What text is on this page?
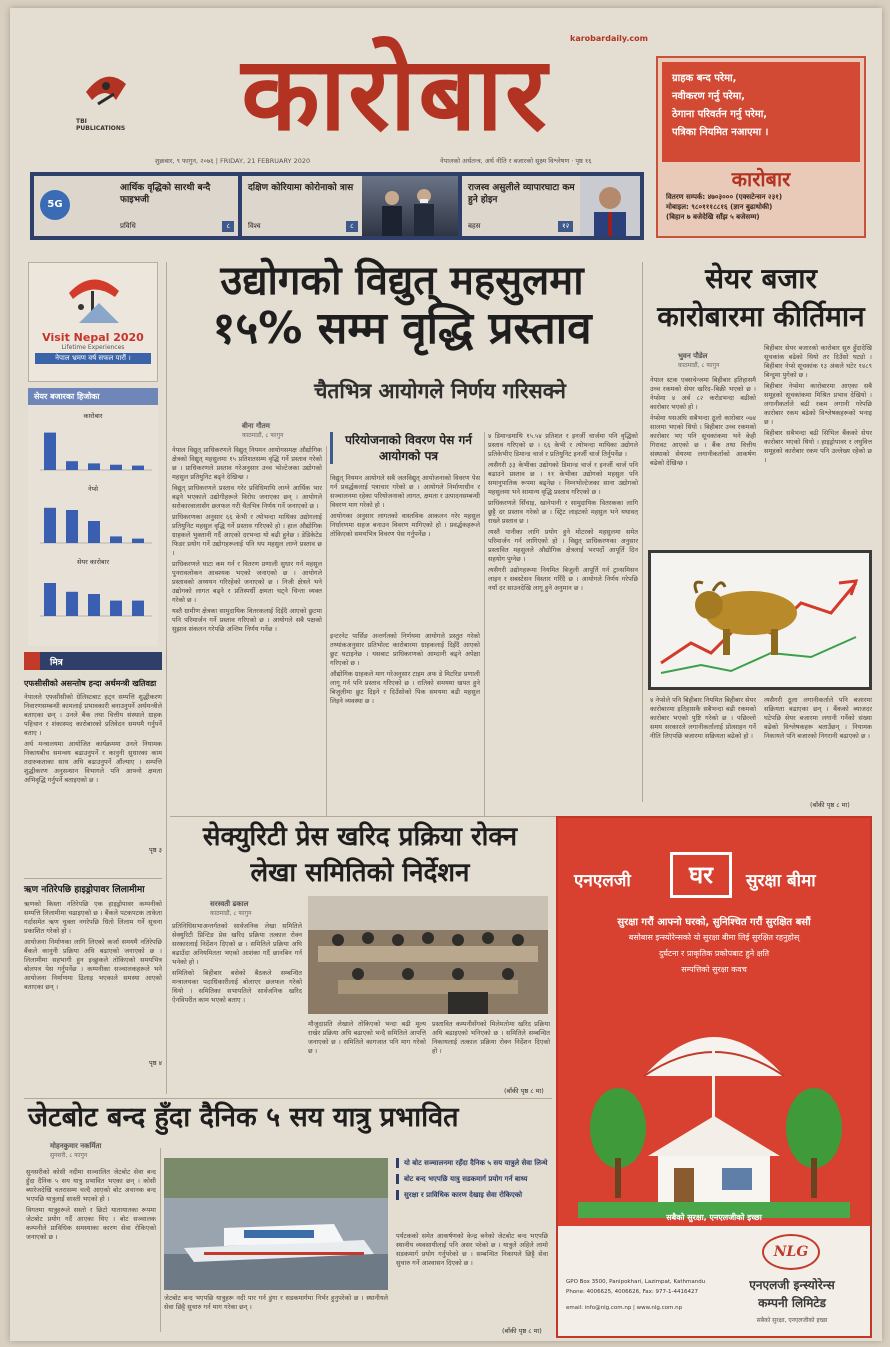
TBI PUBLICATIONS	कारोबार	karobardaily.com
शुक्रबार, ९ फागुन, २०७६ | FRIDAY, 21 FEBRUARY 2020	नेपालको अर्थतन्त्र, अर्थ नीति र बजारको सूक्ष्म विश्लेषण · पृष्ठ १६
ग्राहक बन्द परेमा,
नवीकरण गर्नु परेमा,
ठेगाना परिवर्तन गर्नु परेमा,
पत्रिका नियमित नआएमा ।
कारोबार
वितरण सम्पर्क: ४७०३००० (एक्सटेन्सन २३१)
मोबाइल: ९८०१११८८१६ (ज्ञान बुढाथोकी)
(बिहान ७ बजेदेखि साँझ ५ बजेसम्म)
5G
आर्थिक वृद्धिको सारथी बन्दै फाइभजी
प्रविधि	८
दक्षिण कोरियामा कोरोनाको त्रास
विश्व	८
राजस्व असुलीले व्यापारघाटा कम हुने होइन
बहस	१२
Visit Nepal 2020
Lifetime Experiences
नेपाल भ्रमण वर्ष सफल पारौं ।
सेयर बजारका हिजोका
कारोबार
नेप्से
सेयर कारोबार
मित्र
एफसीसीको असन्तोष हन्दा अर्थमन्त्री खतिवडा

नेपालले एफसीसीको ग्रेलिस्टबाट हट्न सम्पत्ति शुद्धीकरण निवारणसम्बन्धी कामलाई प्रभावकारी बनाउनुपर्ने अर्थमन्त्रीले बताएका छन् । उनले बैंक तथा वित्तीय संस्थाले ग्राहक पहिचान र शंकास्पद कारोबारको प्रतिवेदन समयमै गर्नुपर्ने बताए ।

अर्थ मन्त्रालयमा आयोजित कार्यक्रममा उनले नियामक निकायबीच समन्वय बढाउनुपर्ने र कानुनी सुधारका काम तदारुकताका साथ अघि बढाउनुपर्ने औंल्याए । सम्पत्ति शुद्धीकरण अनुसन्धान विभागले पनि आफ्नो क्षमता अभिवृद्धि गर्नुपर्ने बताइएको छ ।

पृष्ठ ३
ऋण नतिरेपछि हाइड्रोपावर लिलामीमा

ऋणको किस्ता नतिरेपछि एक हाइड्रोपावर कम्पनीको सम्पत्ति लिलामीमा चढाइएको छ । बैंकले पटकपटक ताकेता गर्दासमेत ऋण चुक्ता नगरेपछि धितो लिलाम गर्ने सूचना प्रकाशित गरेको हो ।

आयोजना निर्माणका लागि लिएको कर्जा समयमै नतिरेपछि बैंकले कानुनी प्रक्रिया अघि बढाएको जनाएको छ । लिलामीमा सहभागी हुन इच्छुकले तोकिएको समयभित्र बोलपत्र पेस गर्नुपर्नेछ । कम्पनीका सञ्चालकहरूले भने आयोजना निर्माणमा ढिलाइ भएकाले समस्या आएको बताएका छन् ।

पृष्ठ ४
उद्योगको विद्युत् महसुलमा
१५% सम्म वृद्धि प्रस्ताव
चैतभित्र आयोगले निर्णय गरिसक्ने
बीना गौतम
काठमाडौं, ८ फागुन

नेपाल विद्युत् प्राधिकरणले विद्युत् नियमन आयोगसमक्ष औद्योगिक क्षेत्रको विद्युत् महसुलमा १५ प्रतिशतसम्म वृद्धि गर्ने प्रस्ताव गरेको छ । प्राधिकरणले प्रस्ताव गरेअनुसार उच्च भोल्टेजका उद्योगको महसुल प्रतियुनिट बढ्ने देखिन्छ ।

विद्युत् प्राधिकरणले प्रस्ताव गरेर प्रविधिमाथि लाग्ने आर्थिक भार बढ्ने भएकाले उद्योगीहरूले विरोध जनाएका छन् । आयोगले सरोकारवालासँग छलफल गरी चैतभित्र निर्णय गर्ने जनाएको छ ।

प्राधिकरणका अनुसार ६६ केभी र त्योभन्दा माथिका उद्योगलाई प्रतियुनिट महसुल वृद्धि गर्ने प्रस्ताव गरिएको हो । हाल औद्योगिक ग्राहकले भुक्तानी गर्दै आएको दरभन्दा यो बढी हुनेछ । डेडिकेटेड फिडर प्रयोग गर्ने उद्योगहरूलाई पनि थप महसुल लाग्ने प्रस्ताव छ ।

प्राधिकरणले घाटा कम गर्न र वितरण प्रणाली सुधार गर्न महसुल पुनरावलोकन आवश्यक भएको जनाएको छ । आयोगले प्रस्तावको अध्ययन गरिरहेको जनाएको छ । निजी क्षेत्रले भने उद्योगको लागत बढ्ने र प्रतिस्पर्धी क्षमता घट्ने चिन्ता व्यक्त गरेको छ ।

यस्तै ग्रामीण क्षेत्रका सामुदायिक वितरकलाई दिइँदै आएको छुटमा पनि परिमार्जन गर्ने प्रस्ताव गरिएको छ । आयोगले सबै पक्षको सुझाव संकलन गरेपछि अन्तिम निर्णय गर्नेछ ।

परियोजनाको विवरण पेस गर्न आयोगको पत्र

विद्युत् नियमन आयोगले सबै जलविद्युत् आयोजनाको विवरण पेस गर्न प्रवर्द्धकलाई पत्राचार गरेको छ । आयोगले निर्माणाधीन र सञ्चालनमा रहेका परियोजनाको लागत, क्षमता र उत्पादनसम्बन्धी विवरण माग गरेको हो ।

आयोगका अनुसार लागतको वास्तविक आकलन गरेर महसुल निर्धारणमा सहज बनाउन विवरण मागिएको हो । प्रवर्द्धकहरूले तोकिएको समयभित्र विवरण पेस गर्नुपर्नेछ ।

इन्टरनेट पार्सिङ अन्तर्गतको निर्णयमा आयोगले प्रस्तुत गरेको तथ्यांकअनुसार प्रतिभोल्ट कारोबारमा ग्राहकलाई दिइँदै आएको छुट घटाइनेछ । यसबाट प्राधिकरणको आम्दानी बढ्ने अपेक्षा गरिएको छ ।

औद्योगिक ग्राहकले माग गरेअनुसार टाइम अफ डे मिटरिङ प्रणाली लागू गर्न पनि प्रस्ताव गरिएको छ । रातिको समयमा खपत हुने बिजुलीमा छुट दिइने र दिउँसोको पिक समयमा बढी महसुल लिइने व्यवस्था छ ।

४ डिमान्डमाथि १५.५४ प्रतिशत र इनर्जी चार्जमा पनि वृद्धिको प्रस्ताव गरिएको छ । ६६ केभी र त्योभन्दा माथिका उद्योगले प्रतिकेभीए डिमान्ड चार्ज र प्रतियुनिट इनर्जी चार्ज तिर्नुपर्नेछ ।

त्यसैगरी ३३ केभीका उद्योगको डिमान्ड चार्ज र इनर्जी चार्ज पनि बढाउने प्रस्ताव छ । ११ केभीका उद्योगको महसुल पनि समानुपातिक रूपमा बढ्नेछ । निम्नभोल्टेजका साना उद्योगको महसुलमा भने सामान्य वृद्धि प्रस्ताव गरिएको छ ।

प्राधिकरणले सिँचाइ, खानेपानी र सामुदायिक वितरकका लागि छुट्टै दर प्रस्ताव गरेको छ । स्ट्रिट लाइटको महसुल भने यथावत् राख्ने प्रस्ताव छ ।

त्यस्तै पानीका लागि प्रयोग हुने मोटरको महसुलमा समेत परिमार्जन गर्न लागिएको हो । विद्युत् प्राधिकरणका अनुसार प्रस्तावित महसुलले औद्योगिक क्षेत्रलाई भरपर्दो आपूर्ति दिन सहयोग पुग्नेछ ।

त्यसैगरी उद्योगहरूमा नियमित बिजुली आपूर्ति गर्न ट्रान्समिसन लाइन र सबस्टेसन विस्तार गरिँदै छ । आयोगले निर्णय गरेपछि नयाँ दर साउनदेखि लागू हुने अनुमान छ ।

सेयर बजार
कारोबारमा कीर्तिमान
भुवन पौडेल
काठमाडौं, ८ फागुन

नेपाल स्टक एक्सचेन्जमा बिहीबार इतिहासमै उच्च रकमको सेयर खरिद–बिक्री भएको छ । नेप्सेमा ४ अर्ब ८२ करोडभन्दा बढीको कारोबार भएको हो ।

नेप्सेमा यसअघि सबैभन्दा ठूलो कारोबार ०७४ सालमा भएको थियो । बिहीबार उच्च रकमको कारोबार भए पनि सूचकांकमा भने केही गिरावट आएको छ । बैंक तथा वित्तीय संस्थाको सेयरमा लगानीकर्ताको आकर्षण बढेको देखिन्छ ।

बिहीबार सेयर बजारको कारोबार सुरु हुँदादेखि सूचकांक बढेको थियो तर दिउँसो घट्यो । बिहीबार नेप्से सूचकांक १३ अंकले घटेर १४८९ बिन्दुमा पुगेको छ ।

बिहीबार नेप्सेमा कारोबारमा आएका सबै समूहको सूचकांकमा मिश्रित प्रभाव देखियो । लगानीकर्ताले बढी रकम लगानी गरेपछि कारोबार रकम बढेको विश्लेषकहरूको भनाइ छ ।

बिहीबार सबैभन्दा बढी सिभिल बैंकको सेयर कारोबार भएको थियो । हाइड्रोपावर र लघुवित्त समूहको कारोबार रकम पनि उल्लेख्य रहेको छ ।

४ नेप्सेले पनि बिहीबार नियमित बिहीबार सेयर कारोबारमा इतिहासकै सबैभन्दा बढी रकमको कारोबार भएको पुष्टि गरेको छ । पछिल्लो समय सरकारले लगानीकर्तालाई प्रोत्साहन गर्ने नीति लिएपछि बजारमा सक्रियता बढेको हो ।

त्यसैगरी ठूला लगानीकर्ताले पनि बजारमा सक्रियता बढाएका छन् । बैंकको ब्याजदर घटेपछि सेयर बजारमा लगानी गर्नेको संख्या बढेको विश्लेषकहरू बताउँछन् । नियामक निकायले पनि बजारको निगरानी बढाएको छ ।

(बाँकी पृष्ठ ८ मा)
सेक्युरिटी प्रेस खरिद प्रक्रिया रोक्न
लेखा समितिको निर्देशन
सरस्वती ढकाल
काठमाडौं, ८ फागुन

प्रतिनिधिसभाअन्तर्गतको सार्वजनिक लेखा समितिले सेक्युरिटी प्रिन्टिङ प्रेस खरिद प्रक्रिया तत्काल रोक्न सरकारलाई निर्देशन दिएको छ । समितिले प्रक्रिया अघि बढाउँदा अनियमितता भएको आशंका गर्दै छानबिन गर्न भनेको हो ।

समितिको बिहीबार बसेको बैठकले सम्बन्धित मन्त्रालयका पदाधिकारीलाई बोलाएर छलफल गरेको थियो । समितिका सभापतिले सार्वजनिक खरिद ऐनविपरीत काम भएको बताए ।

मौजुदाप्रति लेखाले तोकिएको भन्दा बढी मूल्य राखेर प्रक्रिया अघि बढाएको भन्दै समितिले आपत्ति जनाएको छ । समितिले कागजात पनि माग गरेको छ ।

प्रस्तावित कम्पनीसँगको मिलेमतोमा खरिद प्रक्रिया अघि बढाइएको भनिएको छ । समितिले सम्बन्धित निकायलाई तत्काल प्रक्रिया रोक्न निर्देशन दिएको हो ।

(बाँकी पृष्ठ ८ मा)
जेटबोट बन्द हुँदा दैनिक ५ सय यात्रु प्रभावित
मोहनकुमार नकर्मिता
सुनसरी, ८ फागुन

सुनसरीको कोसी नदीमा सञ्चालित जेटबोट सेवा बन्द हुँदा दैनिक ५ सय यात्रु प्रभावित भएका छन् । कोसी ब्यारेजदेखि चतरासम्म चल्दै आएको बोट अचानक बन्द भएपछि यात्रुलाई सास्ती भएको हो ।

विगतमा यात्रुहरूले सस्तो र छिटो यातायातका रूपमा जेटबोट प्रयोग गर्दै आएका थिए । बोट सञ्चालक कम्पनीले प्राविधिक समस्याका कारण सेवा रोकिएको जनाएको छ ।

यो बोट सञ्चालनमा रहँदा दैनिक ५ सय यात्रुले सेवा लिन्थे
बोट बन्द भएपछि यात्रु सडकमार्ग प्रयोग गर्न बाध्य
सुरक्षा र प्राविधिक कारण देखाइ सेवा रोकिएको

पर्यटकको समेत आकर्षणको केन्द्र बनेको जेटबोट बन्द भएपछि स्थानीय व्यवसायीलाई पनि असर परेको छ । यात्रुले अहिले लामो सडकमार्ग प्रयोग गर्नुपरेको छ । सम्बन्धित निकायले छिट्टै सेवा सुचारु गर्ने आश्वासन दिएको छ ।

जेटबोट बन्द भएपछि यात्रुहरू नदी पार गर्न डुंगा र सडकमार्गमा निर्भर हुनुपरेको छ । स्थानीयले सेवा छिट्टै सुचारु गर्न माग गरेका छन् ।

(बाँकी पृष्ठ ८ मा)
एनएलजी	घर	सुरक्षा बीमा
सुरक्षा गरौं आफ्नो घरको, सुनिश्चित गरौं सुरक्षित बसौं
बसोबास इन्स्योरेन्सको यो सुरक्षा बीमा लिई सुरक्षित रहनुहोस्
दुर्घटना र प्राकृतिक प्रकोपबाट हुने क्षति
सम्पत्तिको सुरक्षा कवच
सबैको सुरक्षा, एनएलजीको इच्छा
NLG
एनएलजी इन्स्योरेन्स
कम्पनी लिमिटेड
GPO Box 3500, Panipokhari, Lazimpat, Kathmandu
Phone: 4006625, 4006626, Fax: 977-1-4416427
email: info@nlg.com.np | www.nlg.com.np
सबैको सुरक्षा, एनएलजीको इच्छा
